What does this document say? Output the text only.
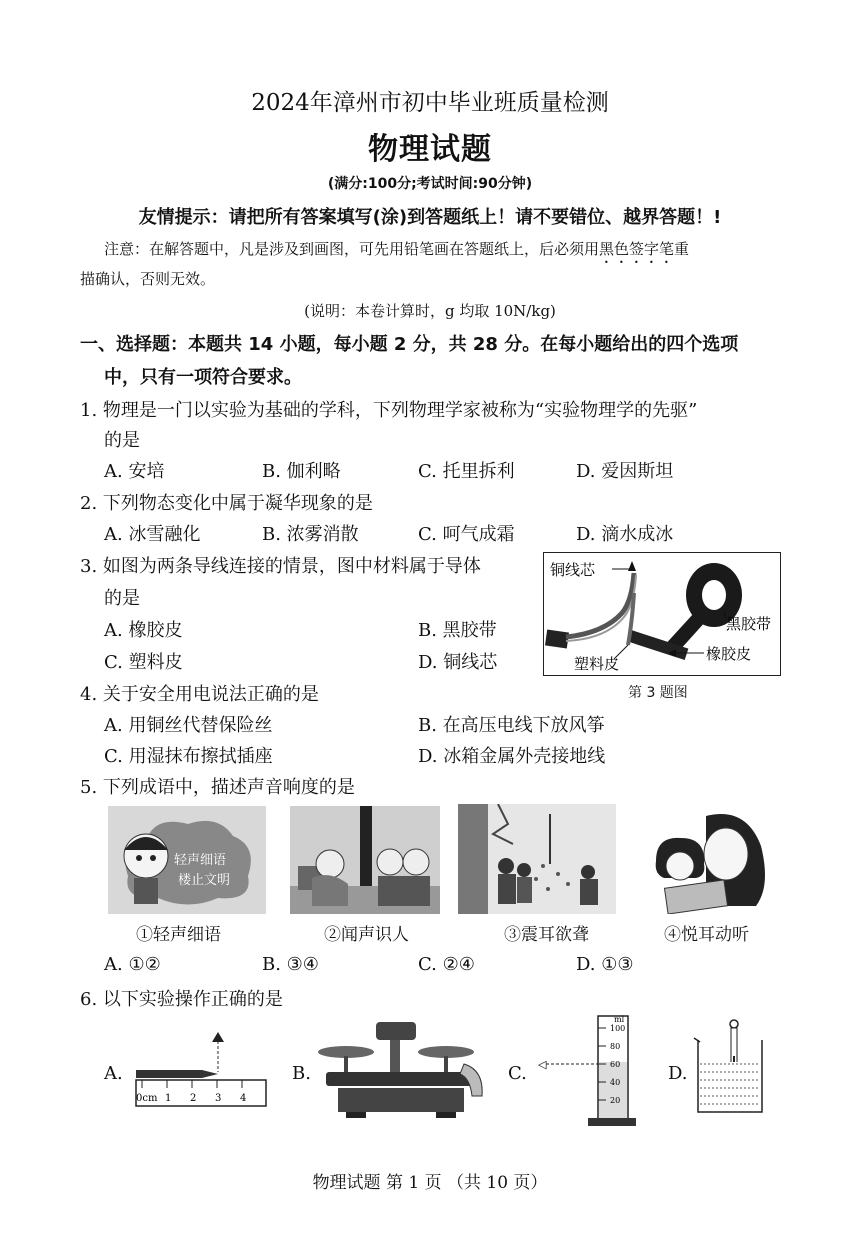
2024年漳州市初中毕业班质量检测
物理试题
(满分:100分;考试时间:90分钟)
友情提示：请把所有答案填写(涂)到答题纸上！请不要错位、越界答题！!
注意：在解答题中，凡是涉及到画图，可先用铅笔画在答题纸上，后必须用黑色签字笔重
描确认，否则无效。
(说明：本卷计算时，g 均取 10N/kg)
一、选择题：本题共 14 小题，每小题 2 分，共 28 分。在每小题给出的四个选项
中，只有一项符合要求。
1. 物理是一门以实验为基础的学科，下列物理学家被称为“实验物理学的先驱”
的是
A. 安培	B. 伽利略	C. 托里拆利	D. 爱因斯坦
2. 下列物态变化中属于凝华现象的是
A. 冰雪融化	B. 浓雾消散	C. 呵气成霜	D. 滴水成冰
3. 如图为两条导线连接的情景，图中材料属于导体
的是
A. 橡胶皮	B. 黑胶带
C. 塑料皮	D. 铜线芯
铜线芯
黑胶带
塑料皮
橡胶皮
第 3 题图
4. 关于安全用电说法正确的是
A. 用铜丝代替保险丝	B. 在高压电线下放风筝
C. 用湿抹布擦拭插座	D. 冰箱金属外壳接地线
5. 下列成语中，描述声音响度的是
轻声细语
楼止文明
①轻声细语	②闻声识人	③震耳欲聋	④悦耳动听
A. ①②	B. ③④	C. ②④	D. ①③
6. 以下实验操作正确的是
A.	B.	C.	D.
0cm 1 2 3 4
◁
ml
100
80
60
40
20
物理试题 第 1 页 （共 10 页）
